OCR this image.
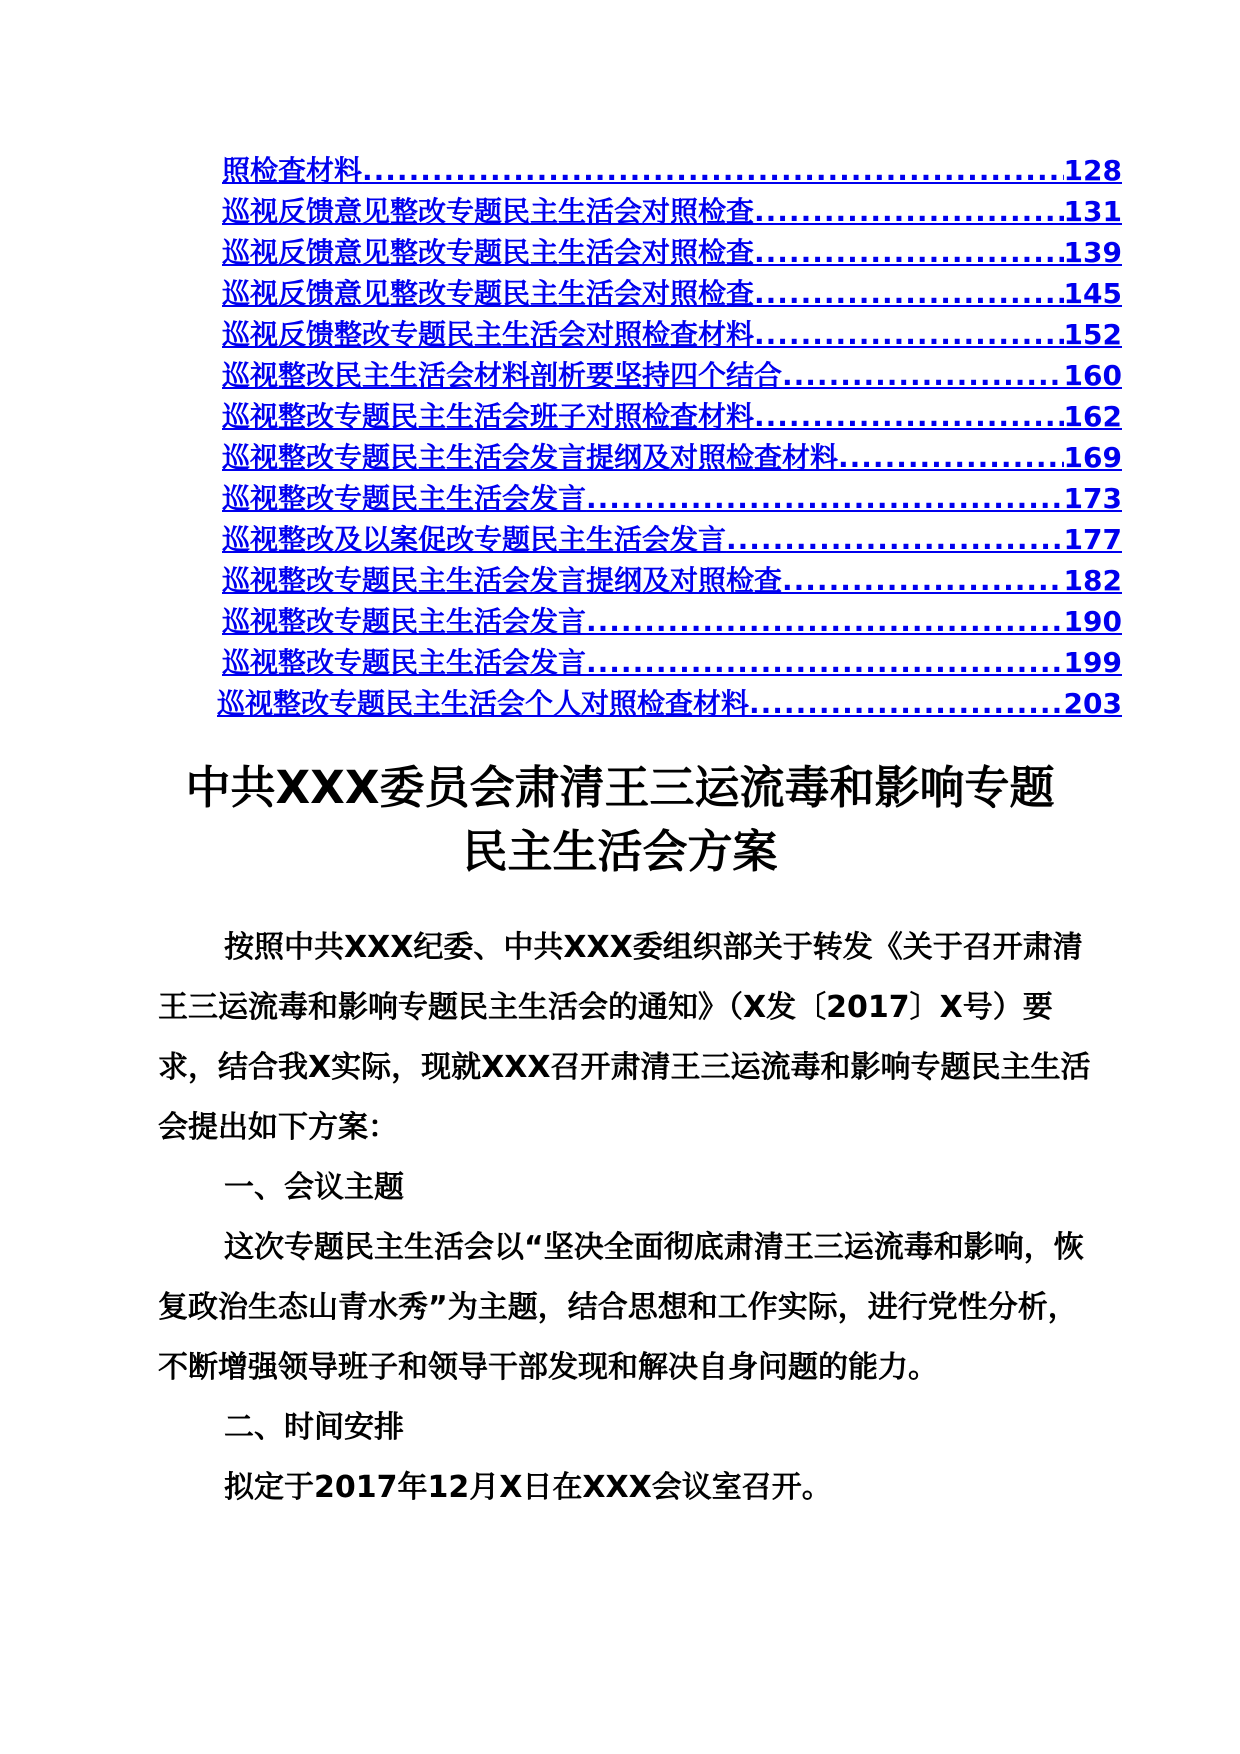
照检查材料 .....	128
巡视反馈意见整改专题民主生活会对照检查 .....	131
巡视反馈意见整改专题民主生活会对照检查 .....	139
巡视反馈意见整改专题民主生活会对照检查 .....	145
巡视反馈整改专题民主生活会对照检查材料 .....	152
巡视整改民主生活会材料剖析要坚持四个结合 .....	160
巡视整改专题民主生活会班子对照检查材料 .....	162
巡视整改专题民主生活会发言提纲及对照检查材料 .....	169
巡视整改专题民主生活会发言 .....	173
巡视整改及以案促改专题民主生活会发言 .....	177
巡视整改专题民主生活会发言提纲及对照检查 .....	182
巡视整改专题民主生活会发言 .....	190
巡视整改专题民主生活会发言 .....	199
巡视整改专题民主生活会个人对照检查材料 .....	203
中共XXX委员会肃清王三运流毒和影响专题
民主生活会方案

按照中共XXX纪委、中共XXX委组织部关于转发《关于召开肃清王三运流毒和影响专题民主生活会的通知》（X发〔2017〕X号）要求，结合我X实际，现就XXX召开肃清王三运流毒和影响专题民主生活会提出如下方案：

一、会议主题

这次专题民主生活会以“坚决全面彻底肃清王三运流毒和影响，恢复政治生态山青水秀”为主题，结合思想和工作实际，进行党性分析，不断增强领导班子和领导干部发现和解决自身问题的能力。

二、时间安排

拟定于2017年12月X日在XXX会议室召开。
